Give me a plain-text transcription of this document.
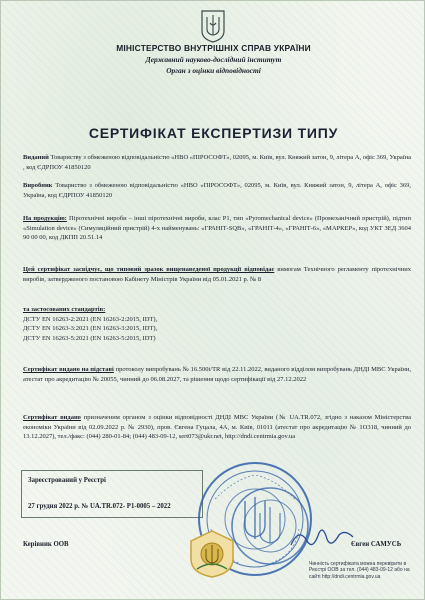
МІНІСТЕРСТВО ВНУТРІШНІХ СПРАВ УКРАЇНИ
Державний науково-дослідний інститут
Орган з оцінки відповідності
СЕРТИФІКАТ ЕКСПЕРТИЗИ ТИПУ
Виданий Товариству з обмеженою відповідальністю «НВО «ПІРОСОФТ», 02095, м. Київ, вул. Княжий затон, 9, літера А, офіс 369, Україна , код ЄДРПОУ 41850120
Виробник Товариство з обмеженою відповідальністю «НВО «ПІРОСОФТ», 02095, м. Київ, вул. Княжий затон, 9, літера А, офіс 369, Україна, код ЄДРПОУ 41850120
На продукцію: Піротехнічні вироби – інші піротехнічні вироби, клас Р1, тип «Pyromechanical device» (Промеханічний пристрій), підтип «Simulation device» (Симуляційний пристрій) 4-х найменувань: «ГРАНІТ-SQB», «ГРАНІТ-4», «ГРАНІТ-6», «МАРКЕР», код УКТ ЗЕД 3604 90 00 00, код ДКПП 20.51.14
Цей сертифікат засвідчує, що типовий зразок вищенаведеної продукції відповідає вимогам Технічного регламенту піротехнічних виробів, затвердженого постановою Кабінету Міністрів України від 05.01.2021 р. № 8
та застосованих стандартів:
ДСТУ EN 16263-2:2021 (EN 16263-2:2015, IDT),
ДСТУ EN 16263-3:2021 (EN 16263-3:2015, IDT),
ДСТУ EN 16263-5:2021 (EN 16263-5:2015, IDT)
Сертифікат видано на підставі протоколу випробувань № 16.500і/ТR від 22.11.2022, виданого відділом випробувань ДНДІ МВС України, атестат про акредитацію № 20055, чинний до 06.08.2027, та рішення щодо сертифікації від 27.12.2022
Сертифікат видано призначеним органом з оцінки відповідності ДНДІ МВС України (№ UA.TR.072, згідно з наказом Міністерства економіки України від 02.09.2022 р. № 2930), пров. Євгена Гуцала, 4А, м. Київ, 01011 (атестат про акредитацію № 1О318, чинний до 13.12.2027), тел./факс: (044) 280-01-84; (044) 483-09-12, sert073@ukr.net, http://dndi.centrmia.gov.ua
Зареєстрований у Реєстрі
27 грудня 2022 р. № UA.TR.072- Р1-0005 – 2022
Керівник ООВ	Євген САМУСЬ
Чинність сертифіката можна перевірити в Реєстрі ООВ за тел. (044) 483-09-12 або на сайті http://dndi.centrmia.gov.ua
